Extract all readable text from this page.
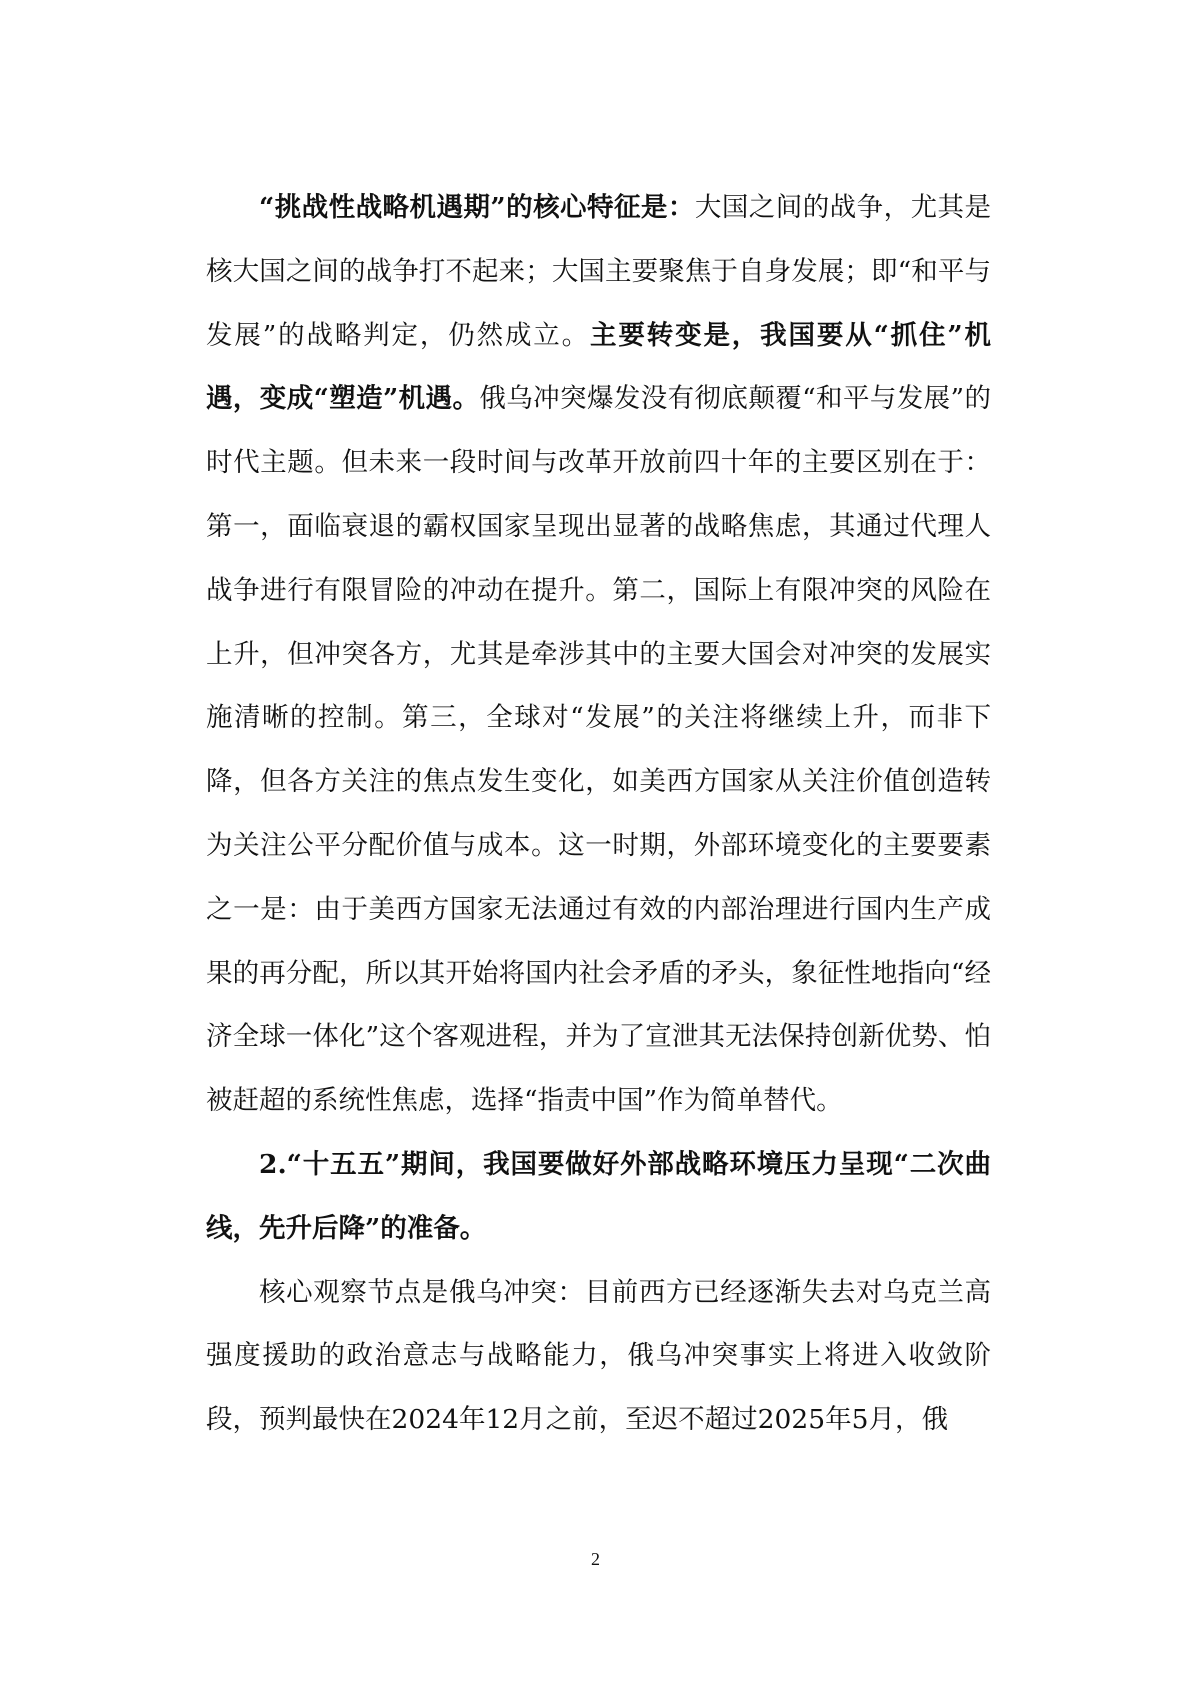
“挑战性战略机遇期”的核心特征是：大国之间的战争，尤其是核大国之间的战争打不起来；大国主要聚焦于自身发展；即“和平与发展”的战略判定，仍然成立。主要转变是，我国要从“抓住”机遇，变成“塑造”机遇。俄乌冲突爆发没有彻底颠覆“和平与发展”的时代主题。但未来一段时间与改革开放前四十年的主要区别在于：第一，面临衰退的霸权国家呈现出显著的战略焦虑，其通过代理人战争进行有限冒险的冲动在提升。第二，国际上有限冲突的风险在上升，但冲突各方，尤其是牵涉其中的主要大国会对冲突的发展实施清晰的控制。第三，全球对“发展”的关注将继续上升，而非下降，但各方关注的焦点发生变化，如美西方国家从关注价值创造转为关注公平分配价值与成本。这一时期，外部环境变化的主要要素之一是：由于美西方国家无法通过有效的内部治理进行国内生产成果的再分配，所以其开始将国内社会矛盾的矛头，象征性地指向“经济全球一体化”这个客观进程，并为了宣泄其无法保持创新优势、怕被赶超的系统性焦虑，选择“指责中国”作为简单替代。

2.“十五五”期间，我国要做好外部战略环境压力呈现“二次曲线，先升后降”的准备。

核心观察节点是俄乌冲突：目前西方已经逐渐失去对乌克兰高强度援助的政治意志与战略能力，俄乌冲突事实上将进入收敛阶段，预判最快在2024年12月之前，至迟不超过2025年5月，俄

2
